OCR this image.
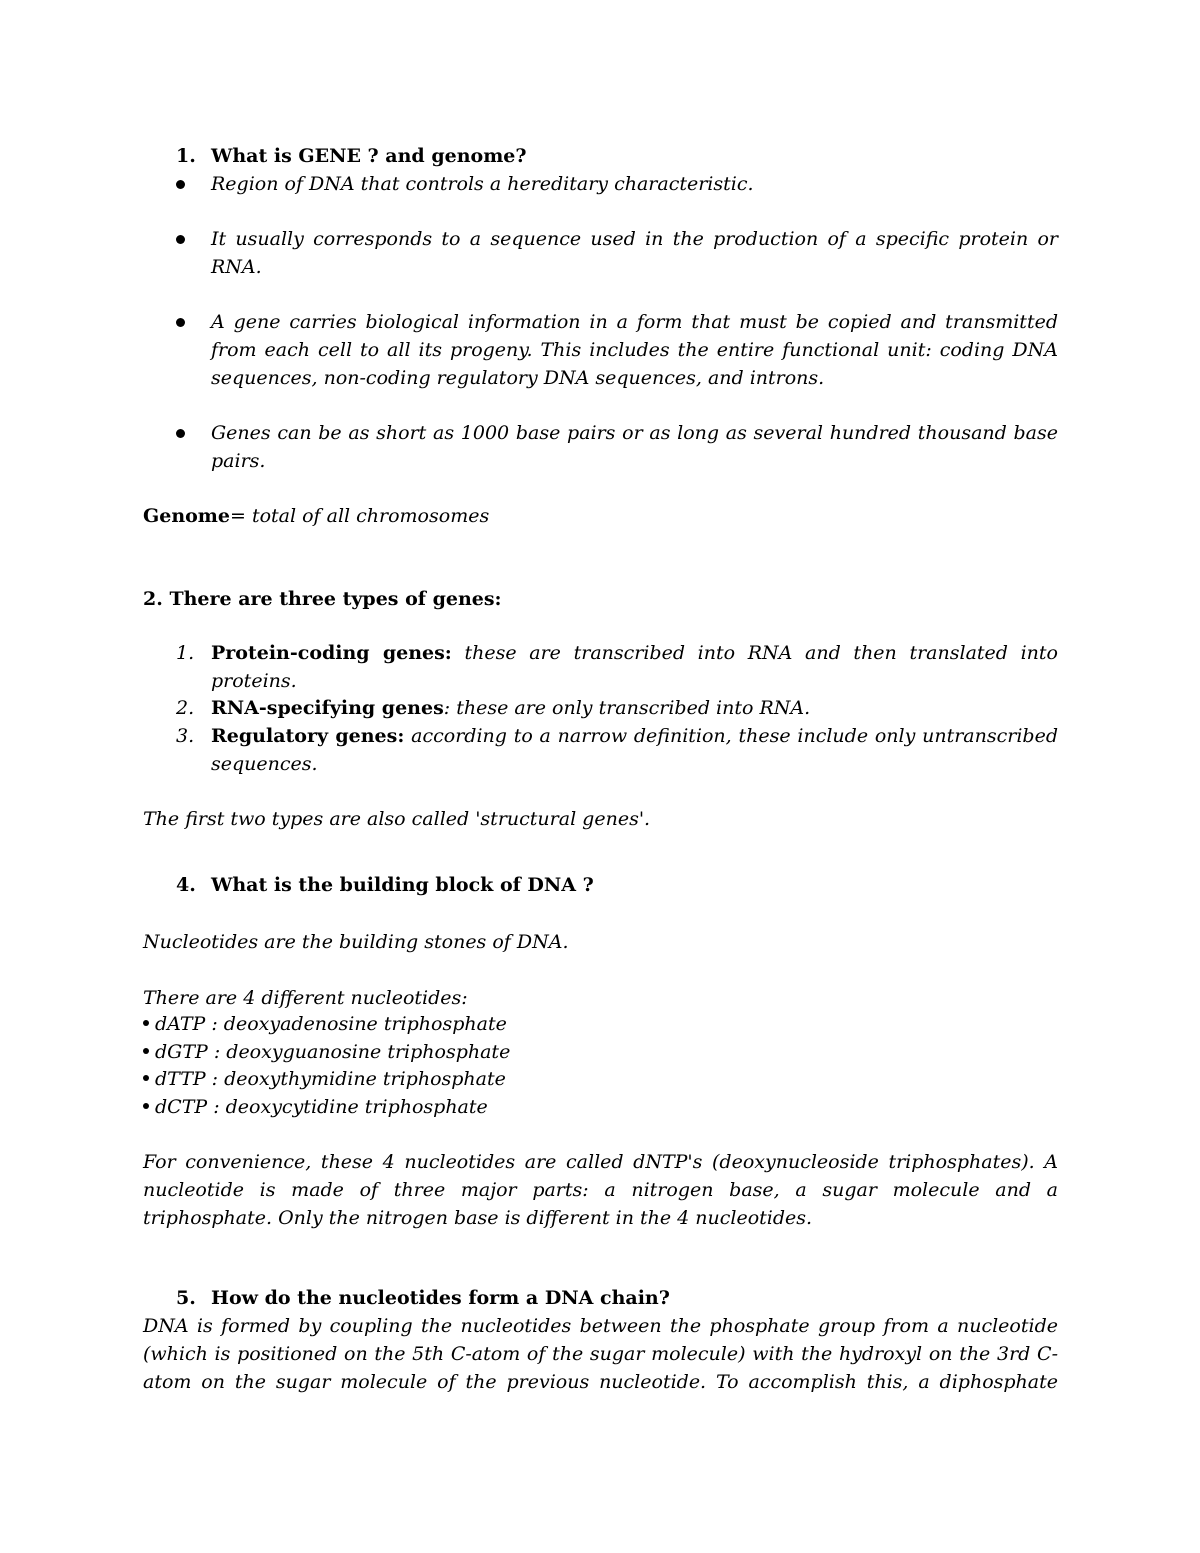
1. What is GENE ? and genome?
Region of DNA that controls a hereditary characteristic.
It usually corresponds to a sequence used in the production of a specific protein or RNA.
A gene carries biological information in a form that must be copied and transmitted from each cell to all its progeny. This includes the entire functional unit: coding DNA sequences, non-coding regulatory DNA sequences, and introns.
Genes can be as short as 1000 base pairs or as long as several hundred thousand base pairs.
Genome= total of all chromosomes
2. There are three types of genes:
1. Protein-coding genes: these are transcribed into RNA and then translated into proteins.
2. RNA-specifying genes: these are only transcribed into RNA.
3. Regulatory genes: according to a narrow definition, these include only untranscribed sequences.
The first two types are also called 'structural genes'.
4. What is the building block of DNA ?
Nucleotides are the building stones of DNA.
There are 4 different nucleotides:
dATP : deoxyadenosine triphosphate
dGTP : deoxyguanosine triphosphate
dTTP : deoxythymidine triphosphate
dCTP : deoxycytidine triphosphate
For convenience, these 4 nucleotides are called dNTP's (deoxynucleoside triphosphates). A nucleotide is made of three major parts: a nitrogen base, a sugar molecule and a triphosphate. Only the nitrogen base is different in the 4 nucleotides.
5. How do the nucleotides form a DNA chain?
DNA is formed by coupling the nucleotides between the phosphate group from a nucleotide
(which is positioned on the 5th C-atom of the sugar molecule) with the hydroxyl on the 3rd C-
atom on the sugar molecule of the previous nucleotide. To accomplish this, a diphosphate
